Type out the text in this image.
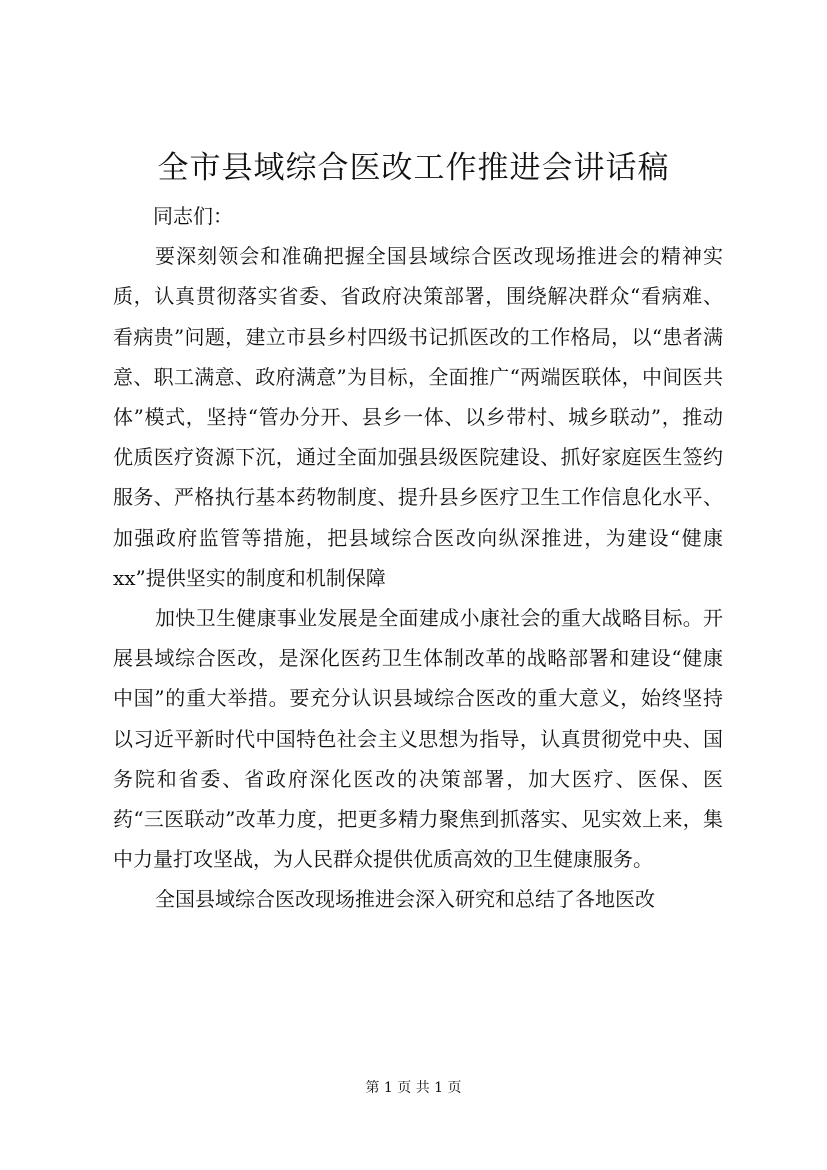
全市县域综合医改工作推进会讲话稿

同志们：

要深刻领会和准确把握全国县域综合医改现场推进会的精神实质，认真贯彻落实省委、省政府决策部署，围绕解决群众“看病难、看病贵”问题，建立市县乡村四级书记抓医改的工作格局，以“患者满意、职工满意、政府满意”为目标，全面推广“两端医联体，中间医共体”模式，坚持“管办分开、县乡一体、以乡带村、城乡联动”，推动优质医疗资源下沉，通过全面加强县级医院建设、抓好家庭医生签约服务、严格执行基本药物制度、提升县乡医疗卫生工作信息化水平、加强政府监管等措施，把县域综合医改向纵深推进，为建设“健康xx”提供坚实的制度和机制保障

加快卫生健康事业发展是全面建成小康社会的重大战略目标。开展县域综合医改，是深化医药卫生体制改革的战略部署和建设“健康中国”的重大举措。要充分认识县域综合医改的重大意义，始终坚持以习近平新时代中国特色社会主义思想为指导，认真贯彻党中央、国务院和省委、省政府深化医改的决策部署，加大医疗、医保、医药“三医联动”改革力度，把更多精力聚焦到抓落实、见实效上来，集中力量打攻坚战，为人民群众提供优质高效的卫生健康服务。

全国县域综合医改现场推进会深入研究和总结了各地医改

第 1 页 共 1 页
